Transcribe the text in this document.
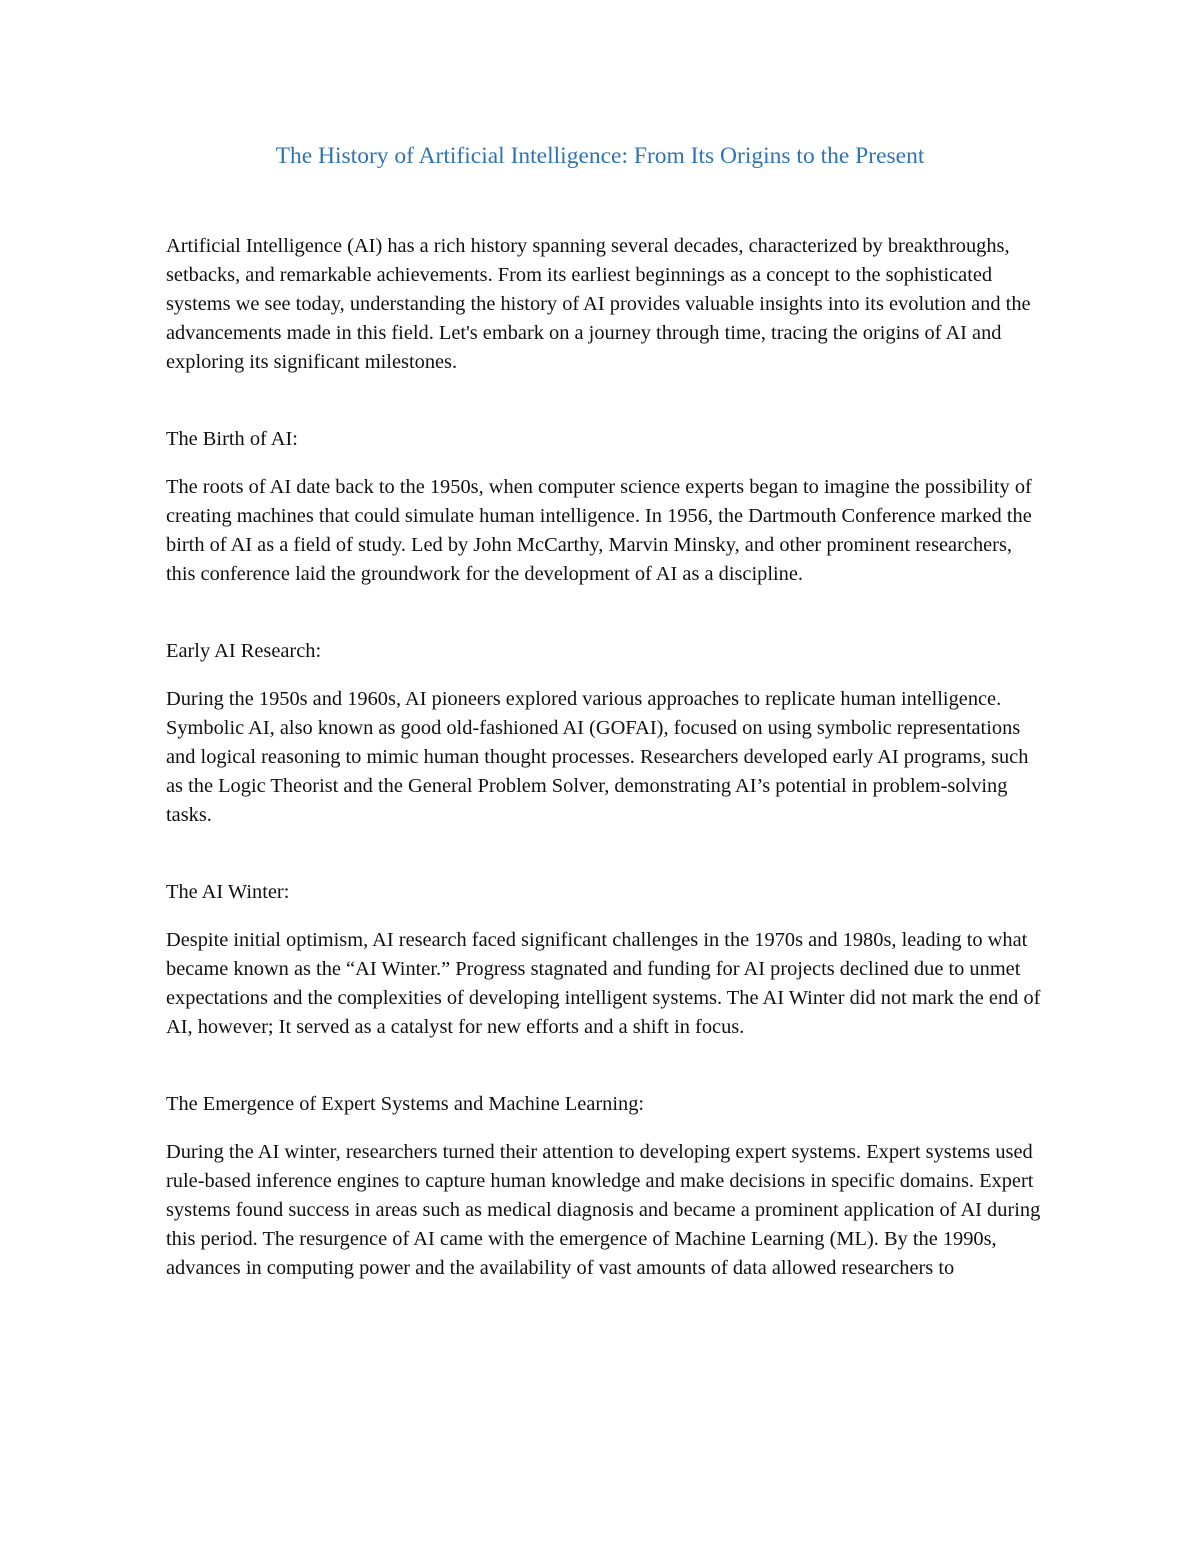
The History of Artificial Intelligence: From Its Origins to the Present

Artificial Intelligence (AI) has a rich history spanning several decades, characterized by breakthroughs, setbacks, and remarkable achievements. From its earliest beginnings as a concept to the sophisticated systems we see today, understanding the history of AI provides valuable insights into its evolution and the advancements made in this field. Let's embark on a journey through time, tracing the origins of AI and exploring its significant milestones.

The Birth of AI:

The roots of AI date back to the 1950s, when computer science experts began to imagine the possibility of creating machines that could simulate human intelligence. In 1956, the Dartmouth Conference marked the birth of AI as a field of study. Led by John McCarthy, Marvin Minsky, and other prominent researchers, this conference laid the groundwork for the development of AI as a discipline.

Early AI Research:

During the 1950s and 1960s, AI pioneers explored various approaches to replicate human intelligence. Symbolic AI, also known as good old-fashioned AI (GOFAI), focused on using symbolic representations and logical reasoning to mimic human thought processes. Researchers developed early AI programs, such as the Logic Theorist and the General Problem Solver, demonstrating AI’s potential in problem-solving tasks.

The AI Winter:

Despite initial optimism, AI research faced significant challenges in the 1970s and 1980s, leading to what became known as the “AI Winter.” Progress stagnated and funding for AI projects declined due to unmet expectations and the complexities of developing intelligent systems. The AI Winter did not mark the end of AI, however; It served as a catalyst for new efforts and a shift in focus.

The Emergence of Expert Systems and Machine Learning:

During the AI winter, researchers turned their attention to developing expert systems. Expert systems used rule-based inference engines to capture human knowledge and make decisions in specific domains. Expert systems found success in areas such as medical diagnosis and became a prominent application of AI during this period. The resurgence of AI came with the emergence of Machine Learning (ML). By the 1990s, advances in computing power and the availability of vast amounts of data allowed researchers to
